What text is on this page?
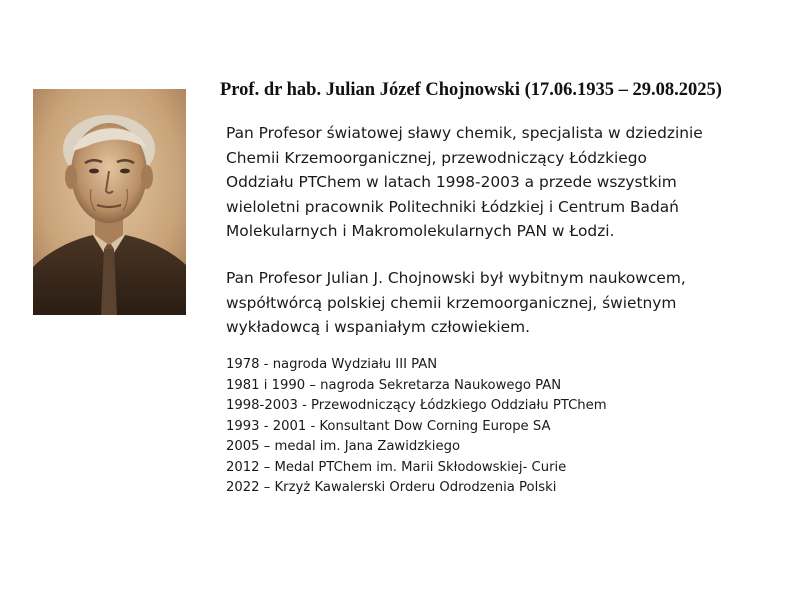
Prof. dr hab. Julian Józef Chojnowski (17.06.1935 – 29.08.2025)
Pan Profesor światowej sławy chemik, specjalista w dziedzinie
Chemii Krzemoorganicznej, przewodniczący Łódzkiego
Oddziału PTChem w latach 1998-2003 a przede wszystkim
wieloletni pracownik Politechniki Łódzkiej i Centrum Badań
Molekularnych i Makromolekularnych PAN w Łodzi.
Pan Profesor Julian J. Chojnowski był wybitnym naukowcem,
współtwórcą polskiej chemii krzemoorganicznej, świetnym
wykładowcą i wspaniałym człowiekiem.
1978 - nagroda Wydziału III PAN
1981 i 1990 – nagroda Sekretarza Naukowego PAN
1998-2003 - Przewodniczący Łódzkiego Oddziału PTChem
1993 - 2001 - Konsultant Dow Corning Europe SA
2005 – medal im. Jana Zawidzkiego
2012 – Medal PTChem im. Marii Skłodowskiej- Curie
2022 – Krzyż Kawalerski Orderu Odrodzenia Polski
